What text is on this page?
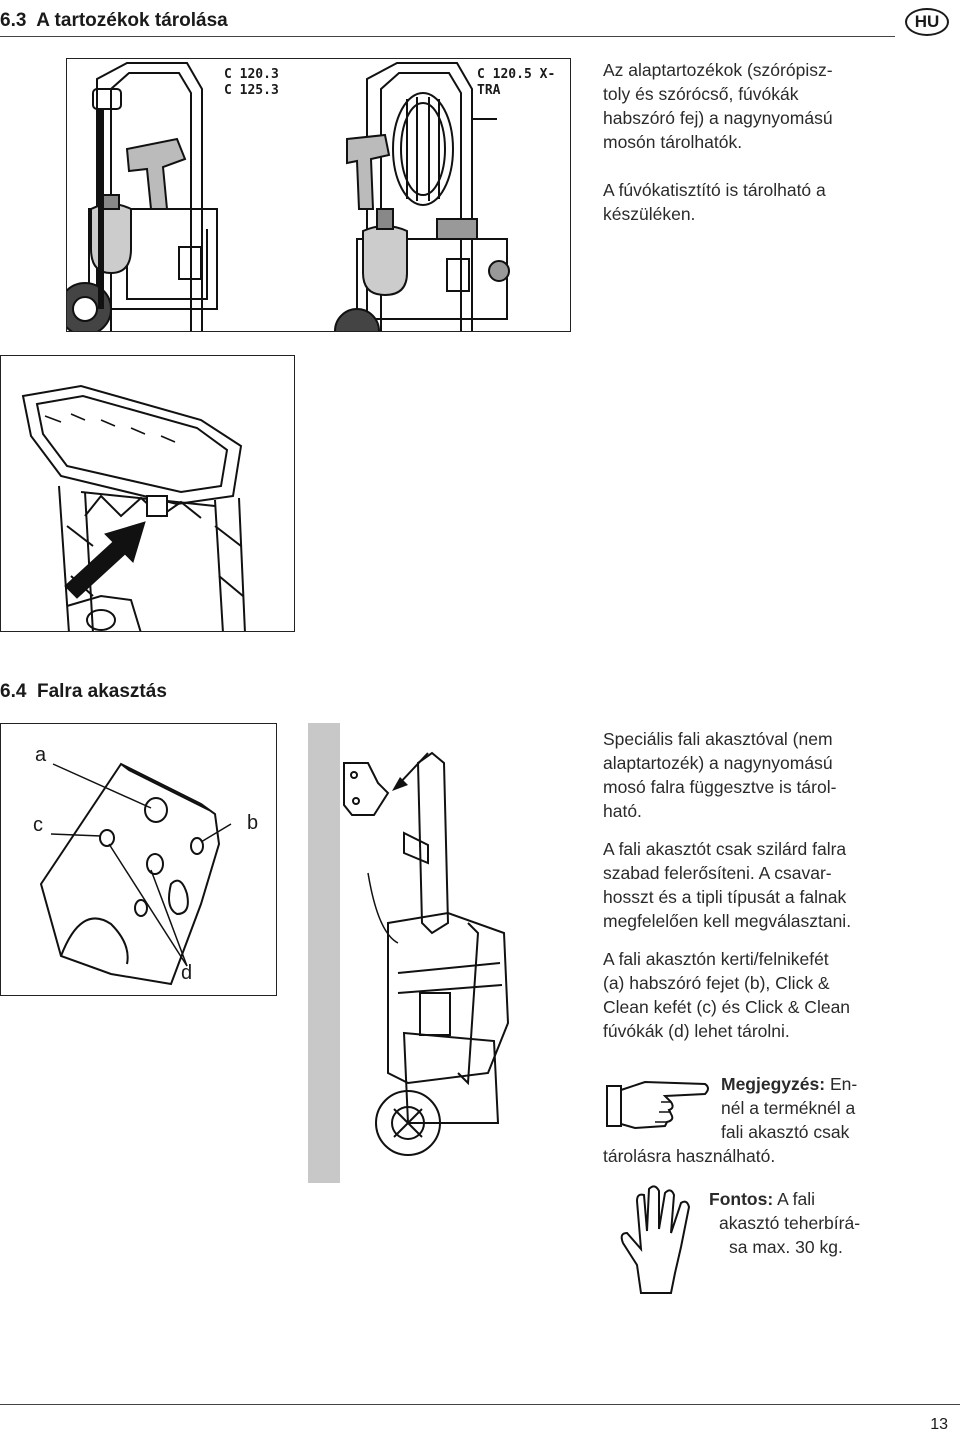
6.3  A tartozékok tárolása	HU
C 120.3
C 125.3
C 120.5 X-TRA

Az alaptartozékok (szórópisz-
toly és szórócső, fúvókák
habszóró fej) a nagynyomású
mosón tárolhatók.

A fúvókatisztító is tárolható a
készüléken.

6.4  Falra akasztás
a
c	b
d

Speciális fali akasztóval (nem
alaptartozék) a nagynyomású
mosó falra függesztve is tárol-
ható.

A fali akasztót csak szilárd falra
szabad felerősíteni. A csavar-
hosszt és a tipli típusát a falnak
megfelelően kell megválasztani.

A fali akasztón kerti/felnikefét
(a) habszóró fejet (b), Click &
Clean kefét (c) és Click & Clean
fúvókák (d) lehet tárolni.

Megjegyzés: En-
nél a terméknél a
fali akasztó csak
tárolásra használható.
Fontos: A fali
akasztó teherbírá-
sa max. 30 kg.
13
